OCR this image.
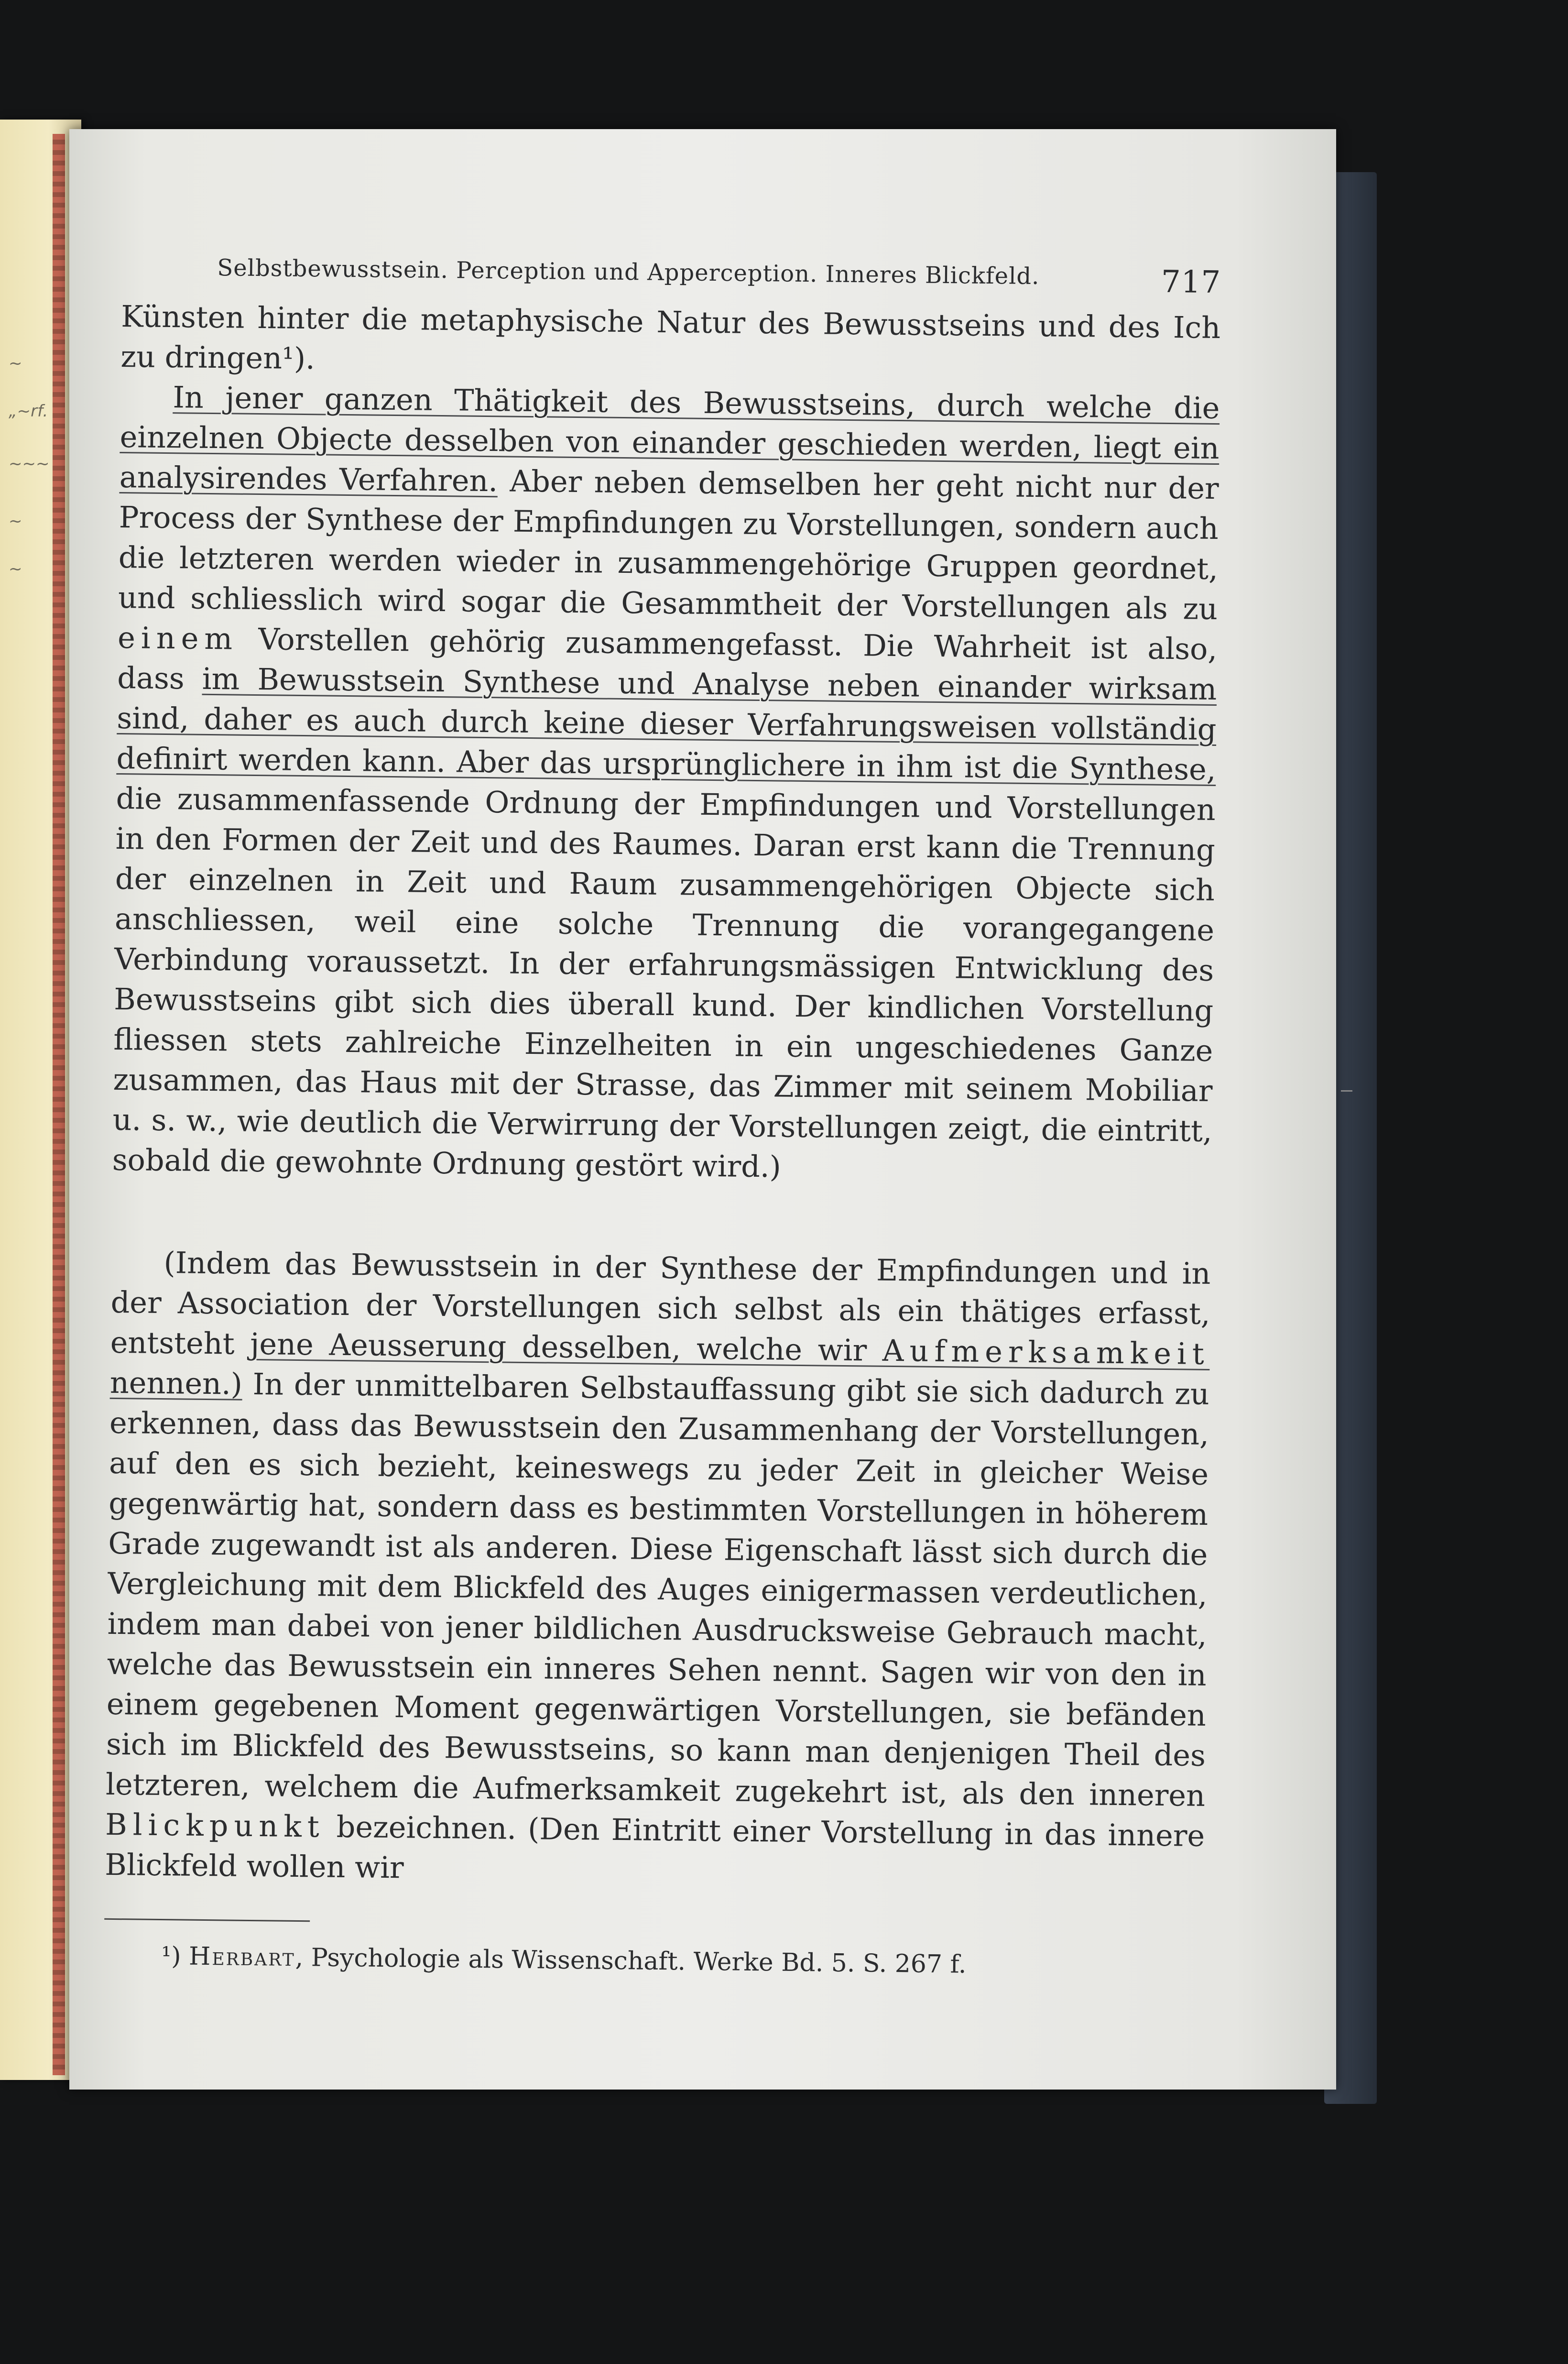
~
„~rf.
~~~
~
~
Selbstbewusstsein. Perception und Apperception. Inneres Blickfeld.	717

Künsten hinter die metaphysische Natur des Bewusstseins und des Ich zu dringen¹).

In jener ganzen Thätigkeit des Bewusstseins, durch welche die einzelnen Objecte desselben von einander geschieden werden, liegt ein analysirendes Verfahren. Aber neben demselben her geht nicht nur der Process der Synthese der Empfindungen zu Vorstellungen, sondern auch die letzteren werden wieder in zusammengehörige Gruppen geordnet, und schliesslich wird sogar die Gesammtheit der Vorstellungen als zu einem Vorstellen gehörig zusammengefasst. Die Wahrheit ist also, dass im Bewusstsein Synthese und Analyse neben einander wirksam sind, daher es auch durch keine dieser Verfahrungsweisen vollständig definirt werden kann. Aber das ursprünglichere in ihm ist die Synthese, die zusammenfassende Ordnung der Empfindungen und Vorstellungen in den Formen der Zeit und des Raumes. Daran erst kann die Trennung der einzelnen in Zeit und Raum zusammengehörigen Objecte sich anschliessen, weil eine solche Trennung die vorangegangene Verbindung voraussetzt. In der erfahrungsmässigen Entwicklung des Bewusstseins gibt sich dies überall kund. Der kindlichen Vorstellung fliessen stets zahlreiche Einzelheiten in ein ungeschiedenes Ganze zusammen, das Haus mit der Strasse, das Zimmer mit seinem Mobiliar u. s. w., wie deutlich die Verwirrung der Vorstellungen zeigt, die eintritt, sobald die gewohnte Ordnung gestört wird.)

(Indem das Bewusstsein in der Synthese der Empfindungen und in der Association der Vorstellungen sich selbst als ein thätiges erfasst, entsteht jene Aeusserung desselben, welche wir Aufmerksamkeit nennen.) In der unmittelbaren Selbstauffassung gibt sie sich dadurch zu erkennen, dass das Bewusstsein den Zusammenhang der Vorstellungen, auf den es sich bezieht, keineswegs zu jeder Zeit in gleicher Weise gegenwärtig hat, sondern dass es bestimmten Vorstellungen in höherem Grade zugewandt ist als anderen. Diese Eigenschaft lässt sich durch die Vergleichung mit dem Blickfeld des Auges einigermassen verdeutlichen, indem man dabei von jener bildlichen Ausdrucksweise Gebrauch macht, welche das Bewusstsein ein inneres Sehen nennt. Sagen wir von den in einem gegebenen Moment gegenwärtigen Vorstellungen, sie befänden sich im Blickfeld des Bewusstseins, so kann man denjenigen Theil des letzteren, welchem die Aufmerksamkeit zugekehrt ist, als den inneren Blickpunkt bezeichnen. (Den Eintritt einer Vorstellung in das innere Blickfeld wollen wir

¹) Herbart, Psychologie als Wissenschaft. Werke Bd. 5. S. 267 f.
